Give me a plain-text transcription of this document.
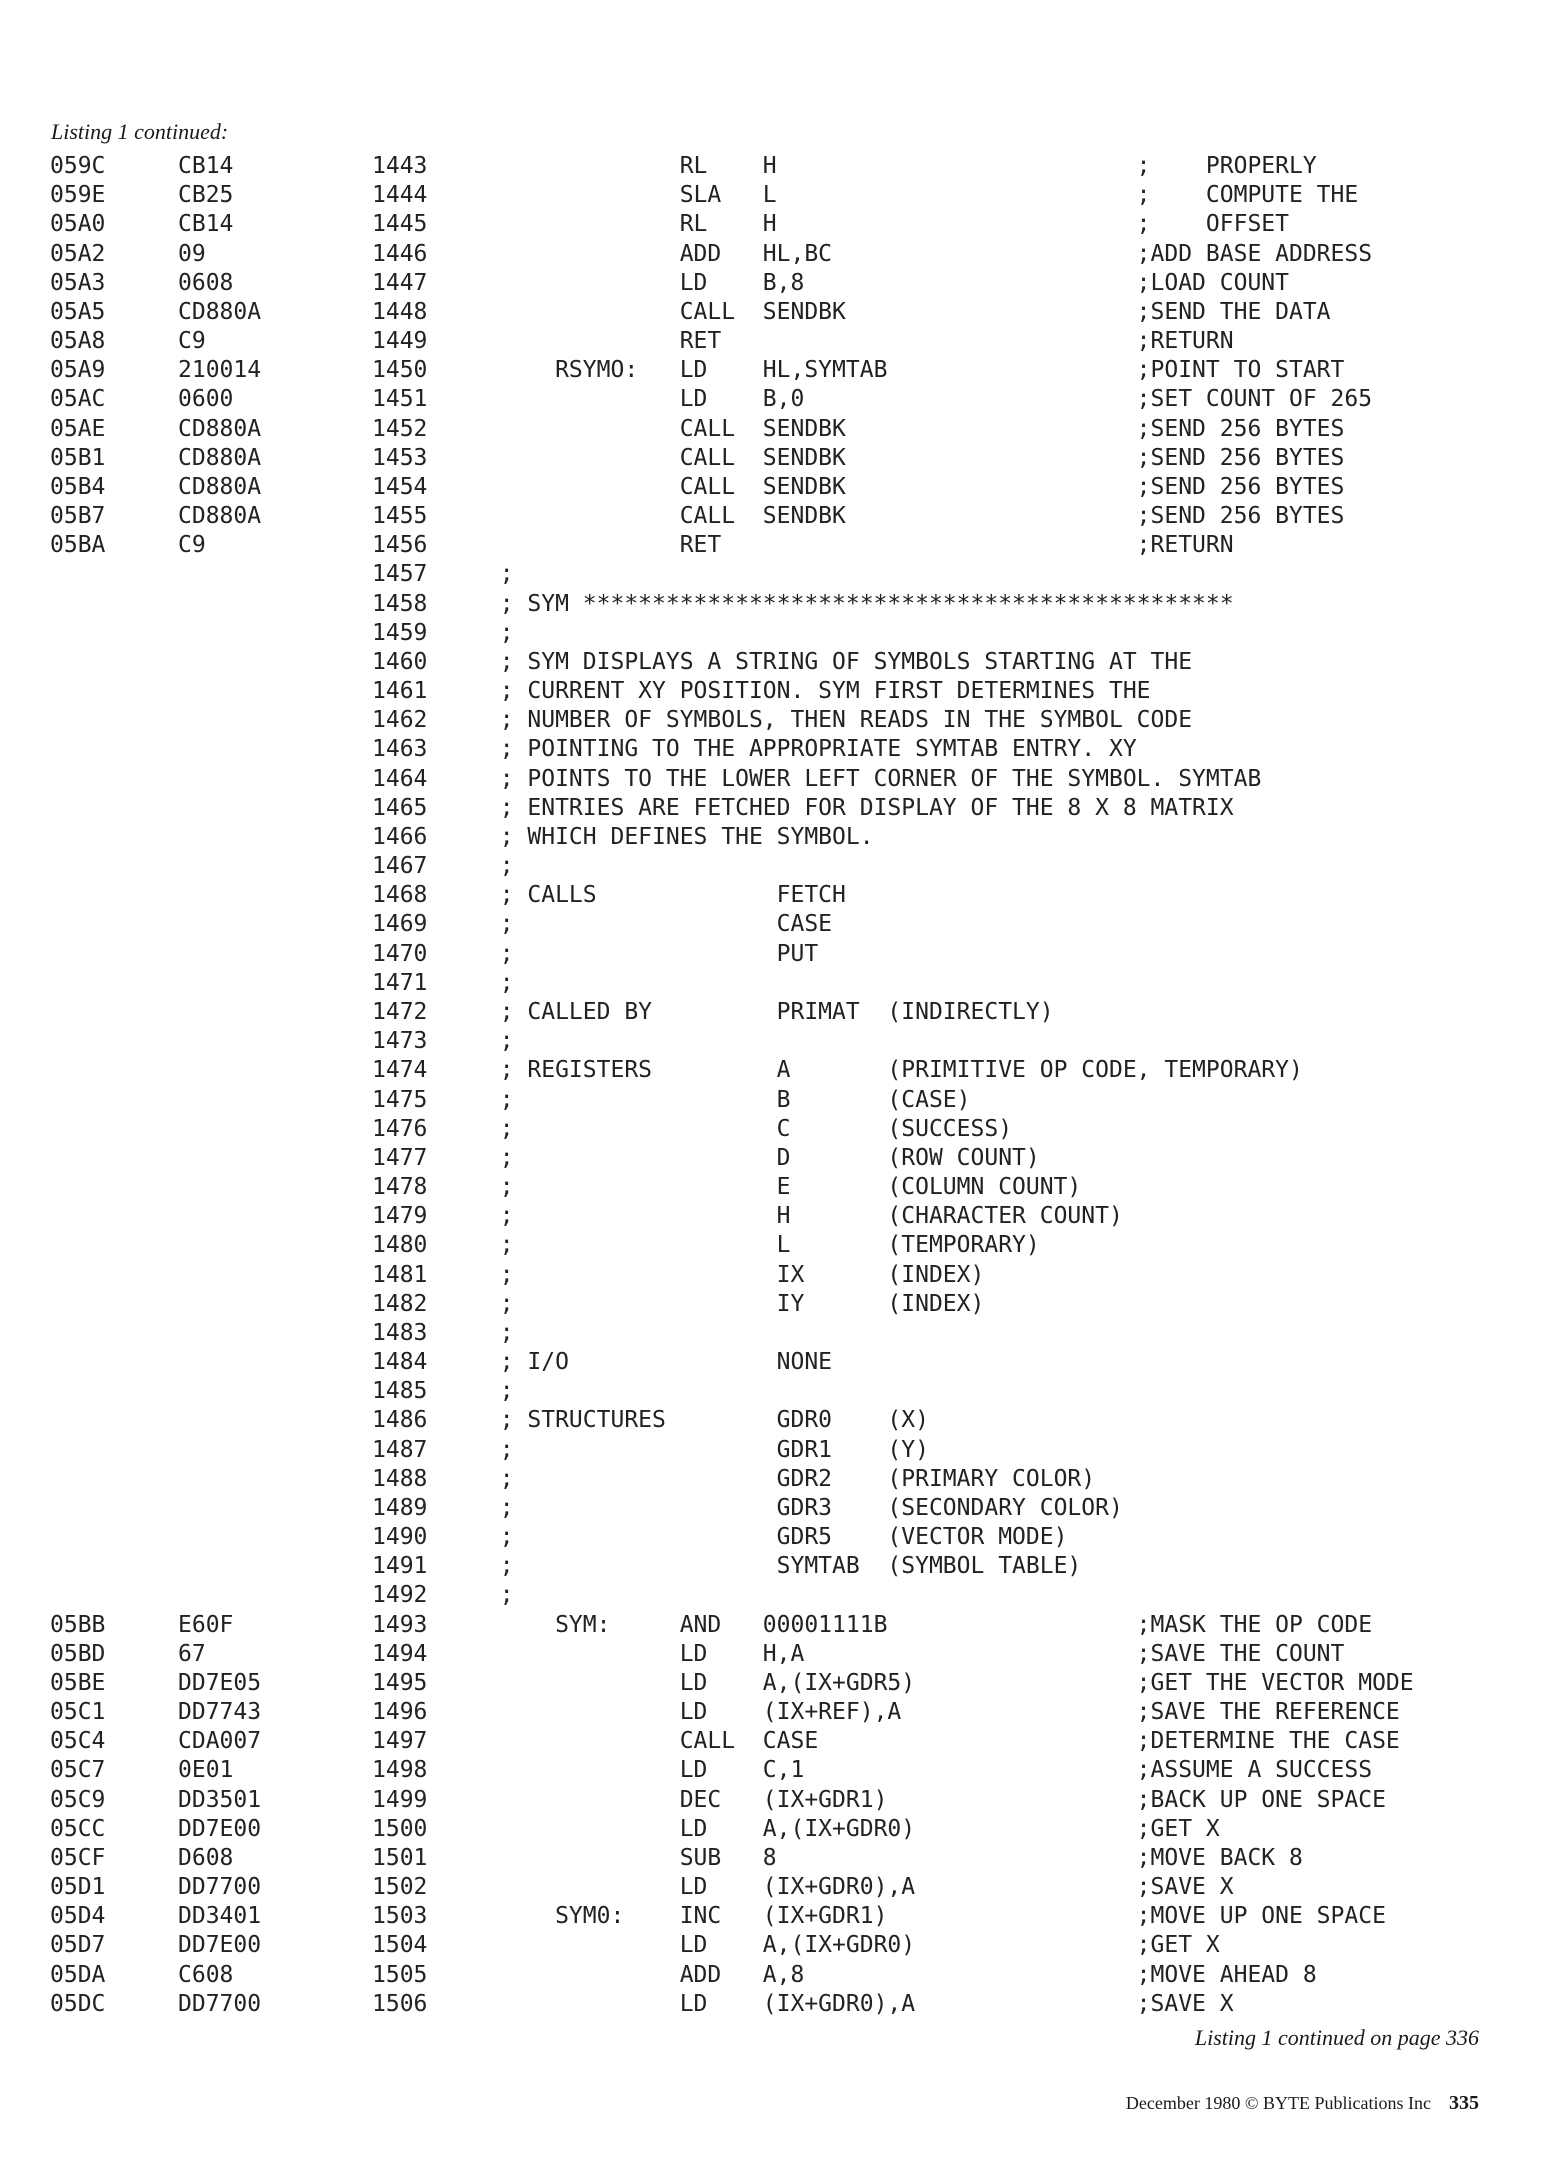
Listing 1 continued:
059C	CB14	1443 RL    H                          ;    PROPERLY
059E	CB25	1444 SLA   L                          ;    COMPUTE THE
05A0	CB14	1445 RL    H                          ;    OFFSET
05A2	09	1446 ADD   HL,BC                      ;ADD BASE ADDRESS
05A3	0608	1447 LD    B,8                        ;LOAD COUNT
05A5	CD880A	1448 CALL  SENDBK                     ;SEND THE DATA
05A8	C9	1449 RET                              ;RETURN
05A9	210014	1450 RSYMO:   LD    HL,SYMTAB                  ;POINT TO START
05AC	0600	1451 LD    B,0                        ;SET COUNT OF 265
05AE	CD880A	1452 CALL  SENDBK                     ;SEND 256 BYTES
05B1	CD880A	1453 CALL  SENDBK                     ;SEND 256 BYTES
05B4	CD880A	1454 CALL  SENDBK                     ;SEND 256 BYTES
05B7	CD880A	1455 CALL  SENDBK                     ;SEND 256 BYTES
05BA	C9	1456 RET                              ;RETURN
1457 ;
1458 ; SYM ***********************************************
1459 ;
1460 ; SYM DISPLAYS A STRING OF SYMBOLS STARTING AT THE
1461 ; CURRENT XY POSITION. SYM FIRST DETERMINES THE
1462 ; NUMBER OF SYMBOLS, THEN READS IN THE SYMBOL CODE
1463 ; POINTING TO THE APPROPRIATE SYMTAB ENTRY. XY
1464 ; POINTS TO THE LOWER LEFT CORNER OF THE SYMBOL. SYMTAB
1465 ; ENTRIES ARE FETCHED FOR DISPLAY OF THE 8 X 8 MATRIX
1466 ; WHICH DEFINES THE SYMBOL.
1467 ;
1468 ; CALLS             FETCH
1469 ;                   CASE
1470 ;                   PUT
1471 ;
1472 ; CALLED BY         PRIMAT  (INDIRECTLY)
1473 ;
1474 ; REGISTERS         A       (PRIMITIVE OP CODE, TEMPORARY)
1475 ;                   B       (CASE)
1476 ;                   C       (SUCCESS)
1477 ;                   D       (ROW COUNT)
1478 ;                   E       (COLUMN COUNT)
1479 ;                   H       (CHARACTER COUNT)
1480 ;                   L       (TEMPORARY)
1481 ;                   IX      (INDEX)
1482 ;                   IY      (INDEX)
1483 ;
1484 ; I/O               NONE
1485 ;
1486 ; STRUCTURES        GDR0    (X)
1487 ;                   GDR1    (Y)
1488 ;                   GDR2    (PRIMARY COLOR)
1489 ;                   GDR3    (SECONDARY COLOR)
1490 ;                   GDR5    (VECTOR MODE)
1491 ;                   SYMTAB  (SYMBOL TABLE)
1492 ;
05BB	E60F	1493 SYM:     AND   00001111B                  ;MASK THE OP CODE
05BD	67	1494 LD    H,A                        ;SAVE THE COUNT
05BE	DD7E05	1495 LD    A,(IX+GDR5)                ;GET THE VECTOR MODE
05C1	DD7743	1496 LD    (IX+REF),A                 ;SAVE THE REFERENCE
05C4	CDA007	1497 CALL  CASE                       ;DETERMINE THE CASE
05C7	0E01	1498 LD    C,1                        ;ASSUME A SUCCESS
05C9	DD3501	1499 DEC   (IX+GDR1)                  ;BACK UP ONE SPACE
05CC	DD7E00	1500 LD    A,(IX+GDR0)                ;GET X
05CF	D608	1501 SUB   8                          ;MOVE BACK 8
05D1	DD7700	1502 LD    (IX+GDR0),A                ;SAVE X
05D4	DD3401	1503 SYM0:    INC   (IX+GDR1)                  ;MOVE UP ONE SPACE
05D7	DD7E00	1504 LD    A,(IX+GDR0)                ;GET X
05DA	C608	1505 ADD   A,8                        ;MOVE AHEAD 8
05DC	DD7700	1506 LD    (IX+GDR0),A                ;SAVE X
Listing 1 continued on page 336
December 1980 © BYTE Publications Inc 335
